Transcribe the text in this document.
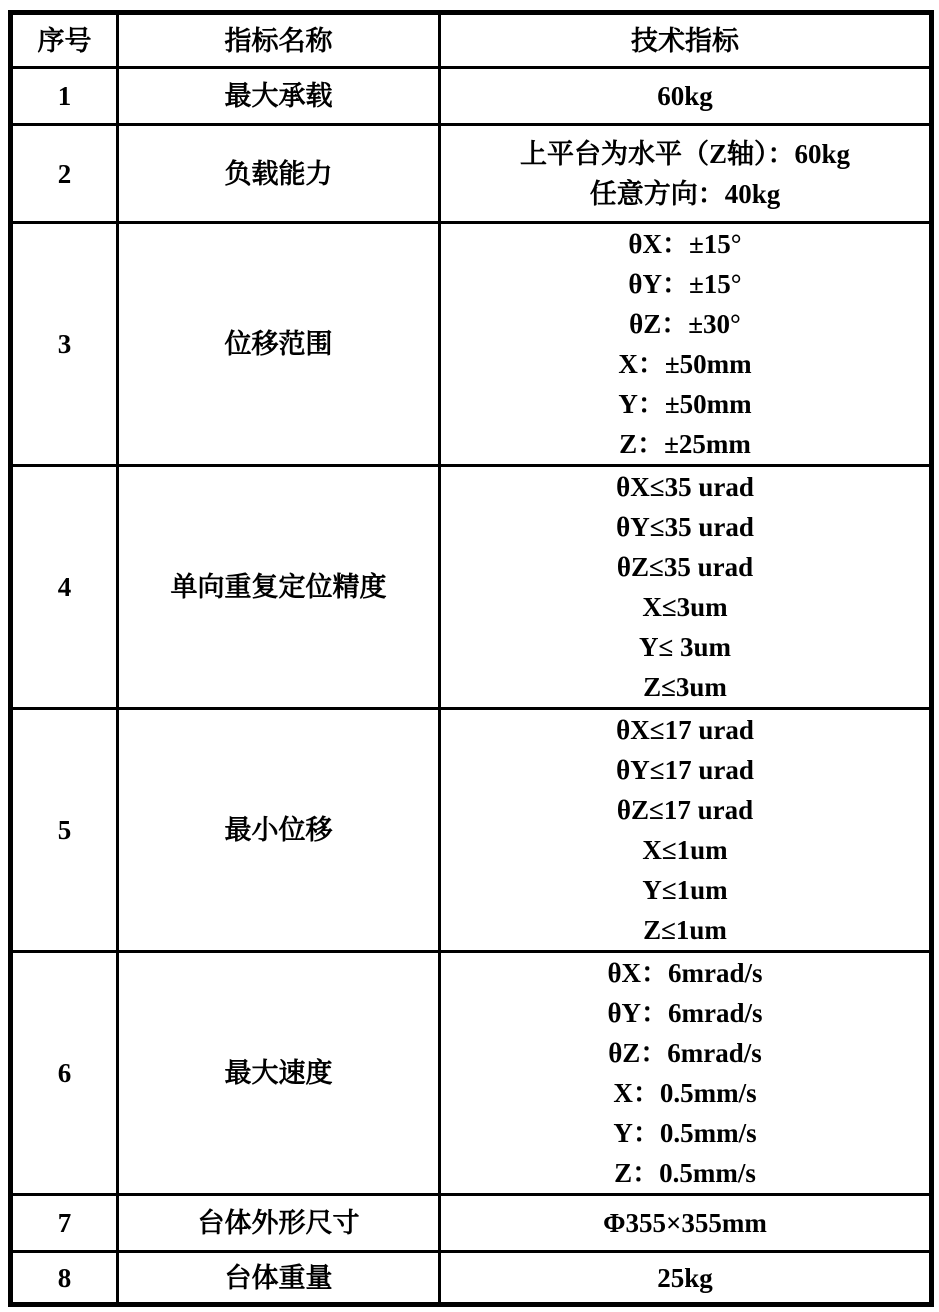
序号	指标名称	技术指标
1	最大承载	60kg

2	负载能力	上平台为水平（Z轴）：60kg
任意方向：40kg

3	位移范围	
θX：±15°
θY：±15°
θZ：±30°
X：±50mm
Y：±50mm
Z：±25mm

4	单向重复定位精度	
θX≤35 urad
θY≤35 urad
θZ≤35 urad
X≤3um
Y≤ 3um
Z≤3um

5	最小位移	
θX≤17 urad
θY≤17 urad
θZ≤17 urad
X≤1um
Y≤1um
Z≤1um

6	最大速度	
θX：6mrad/s
θY：6mrad/s
θZ：6mrad/s
X：0.5mm/s
Y：0.5mm/s
Z：0.5mm/s

7	台体外形尺寸	Φ355×355mm

8	台体重量	25kg
